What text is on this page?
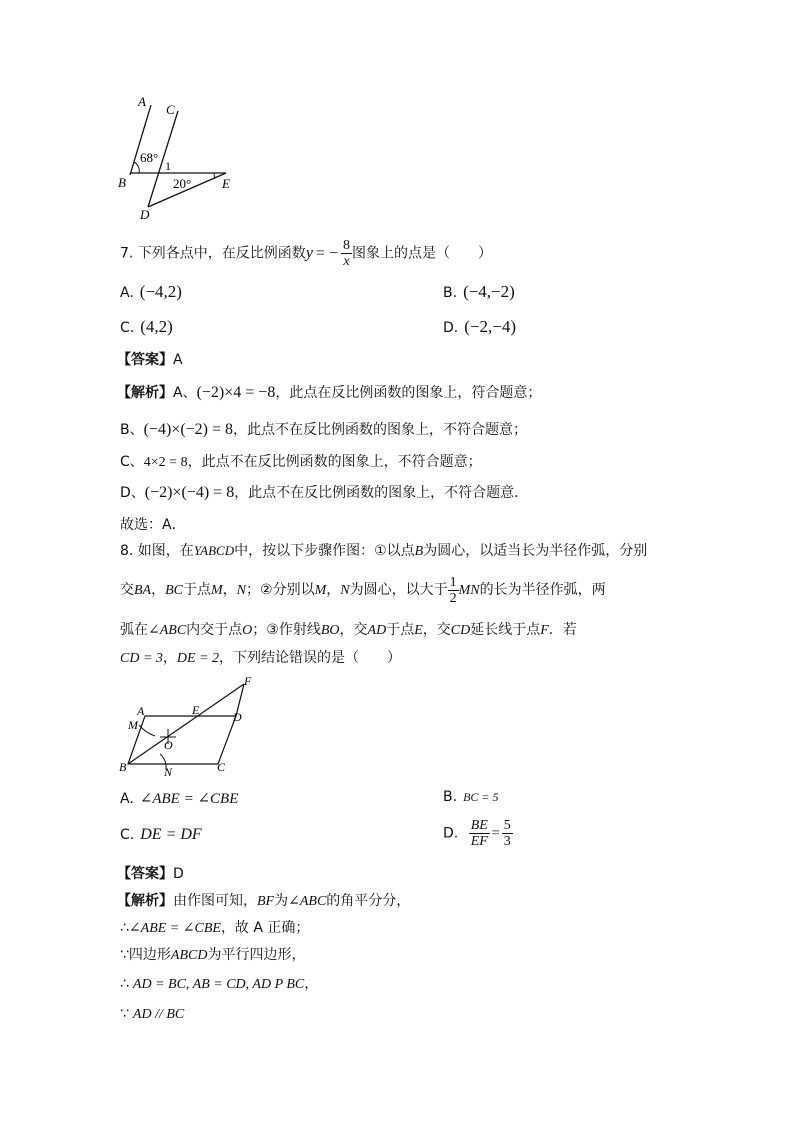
A
C
B
D
E
1
68°
20°
7. 下列各点中，在反比例函数y = − $\frac{8}{x}$ 图象上的点是（　　）
A. (−4,2)	B. (−4,−2)
C. (4,2)	D. (−2,−4)
【答案】A
【解析】A、(−2)×4 = −8，此点在反比例函数的图象上，符合题意；
B、(−4)×(−2) = 8，此点不在反比例函数的图象上，不符合题意；
C、4×2 = 8，此点不在反比例函数的图象上，不符合题意；
D、(−2)×(−4) = 8，此点不在反比例函数的图象上，不符合题意．
故选：A．
8. 如图，在YABCD中，按以下步骤作图：①以点B为圆心，以适当长为半径作弧，分别
交BA，BC于点M，N；②分别以M，N为圆心，以大于 $\frac{1}{2}$ MN的长为半径作弧，两
弧在∠ABC内交于点O；③作射线BO，交AD于点E，交CD延长线于点F．若
CD = 3，DE = 2，下列结论错误的是（　　）
A
M
E	D
F
O
B	N	C
A. ∠ABE = ∠CBE	B. BC = 5
C. DE = DF	D. $\frac{BE}{EF} = \frac{5}{3}$
【答案】D
【解析】由作图可知，BF为∠ABC的角平分分，
∴∠ABE = ∠CBE，故 A 正确；
∵四边形ABCD为平行四边形，
∴ AD = BC, AB = CD, AD P BC，
∵ AD // BC
